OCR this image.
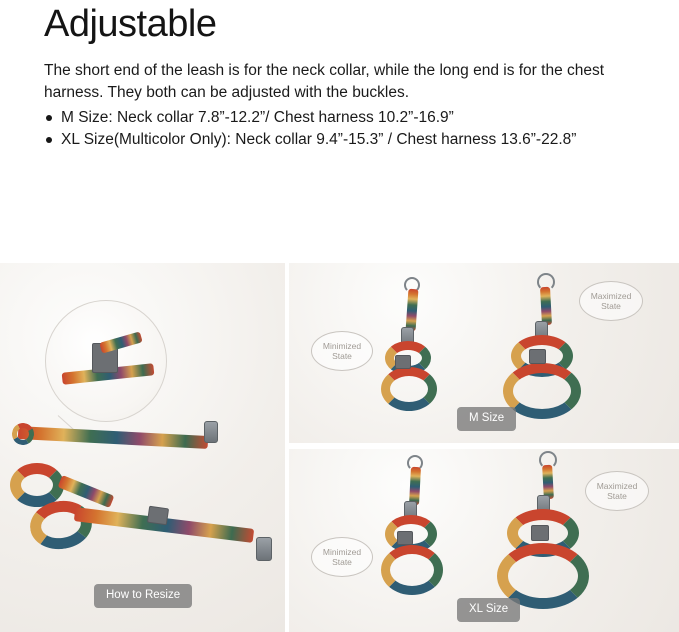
Adjustable

The short end of the leash is for the neck collar, while the long end is for the chest harness. They both can be adjusted with the buckles.

M Size: Neck collar 7.8”-12.2”/ Chest harness 10.2”-16.9”
XL Size(Multicolor Only): Neck collar 9.4”-15.3” / Chest harness 13.6”-22.8”
How to Resize
Minimized State
Maximized State
M Size
Minimized State
Maximized State
XL Size
